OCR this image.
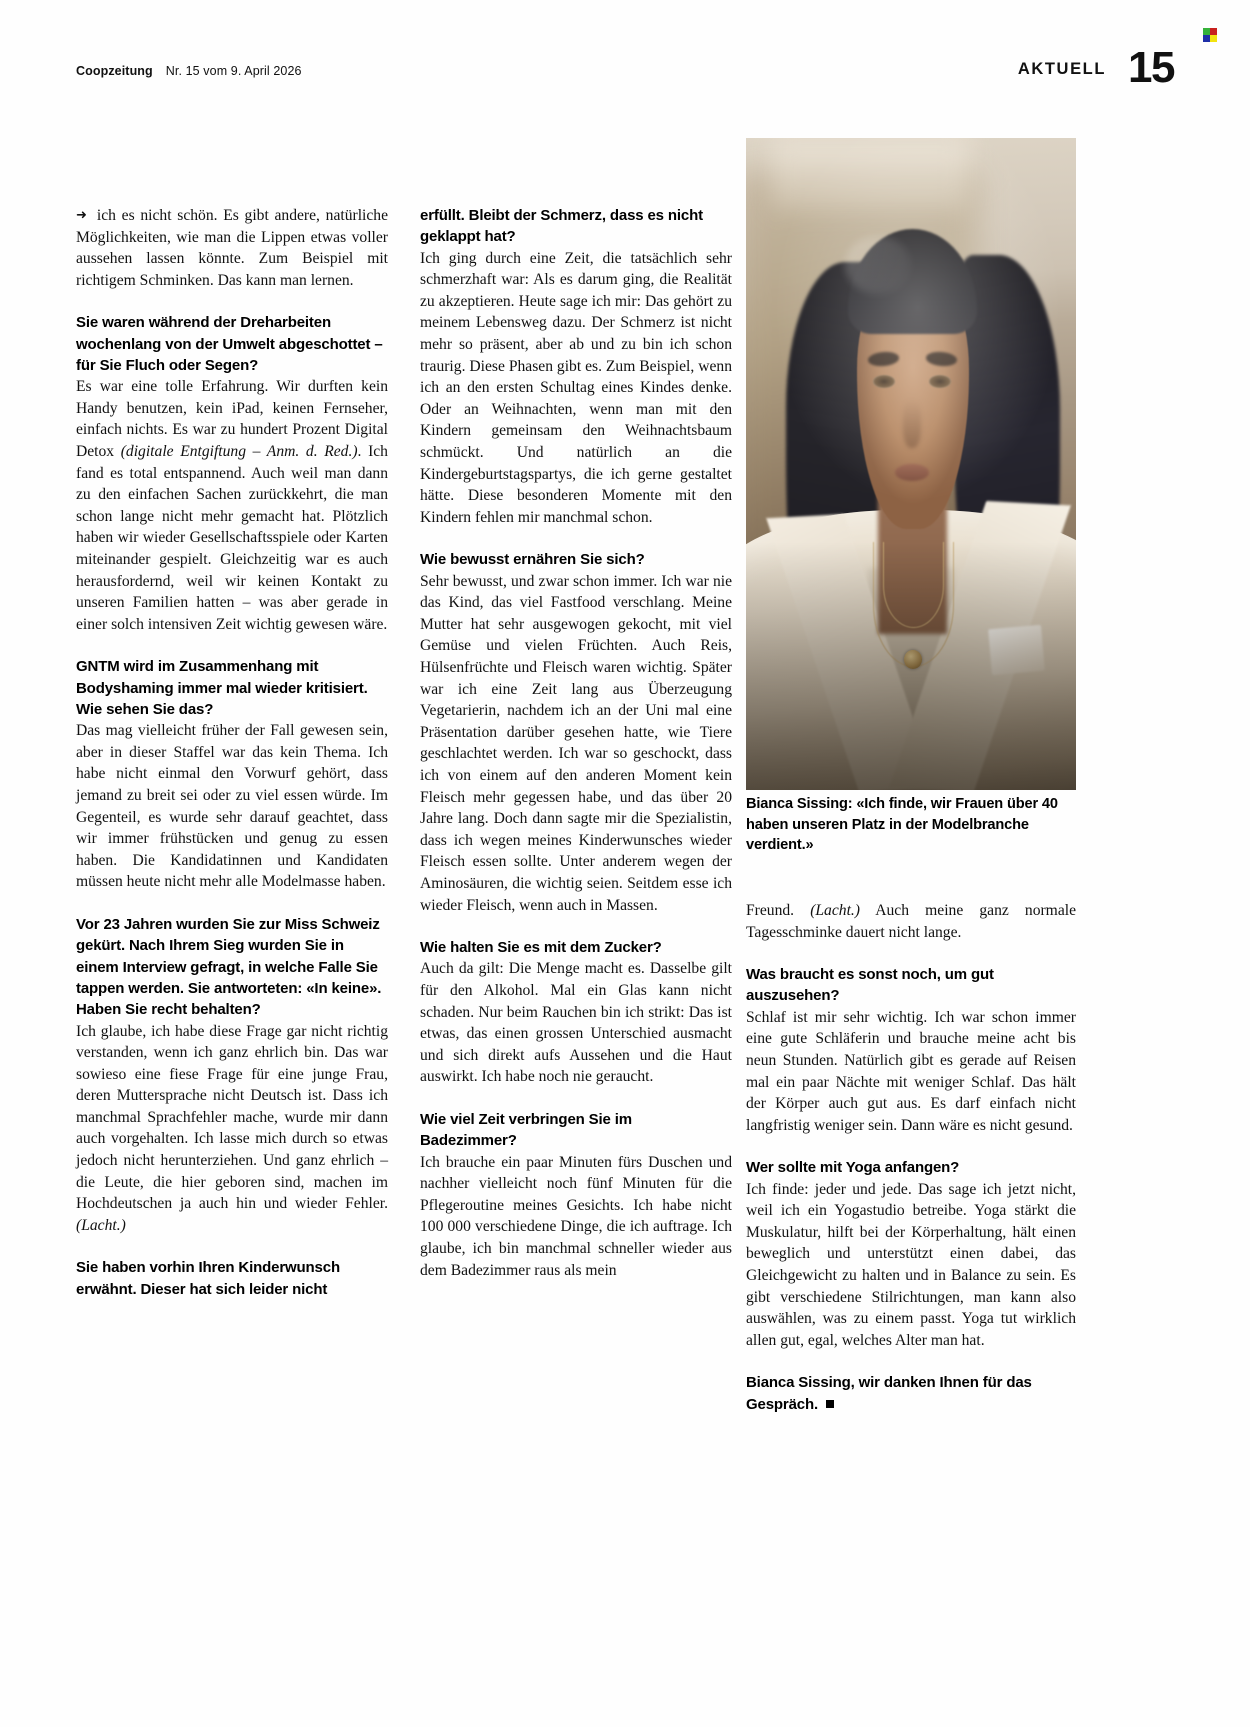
Coopzeitung Nr. 15 vom 9. April 2026	AKTUELL 15
Bianca Sissing: «Ich finde, wir Frauen über 40 haben unseren Platz in der Modelbranche verdient.»

➜ ich es nicht schön. Es gibt andere, natürliche Möglichkeiten, wie man die Lippen etwas voller aussehen lassen könnte. Zum Beispiel mit richtigem Schminken. Das kann man lernen.

Sie waren während der Dreharbeiten wochenlang von der Umwelt abgeschottet – für Sie Fluch oder Segen?

Es war eine tolle Erfahrung. Wir durften kein Handy benutzen, kein iPad, keinen Fernseher, einfach nichts. Es war zu hundert Prozent Digital Detox (digitale Entgiftung – Anm. d. Red.). Ich fand es total entspannend. Auch weil man dann zu den einfachen Sachen zurückkehrt, die man schon lange nicht mehr gemacht hat. Plötzlich haben wir wieder Gesellschaftsspiele oder Karten miteinander gespielt. Gleichzeitig war es auch herausfordernd, weil wir keinen Kontakt zu unseren Familien hatten – was aber gerade in einer solch intensiven Zeit wichtig gewesen wäre.

GNTM wird im Zusammenhang mit Bodyshaming immer mal wieder kritisiert. Wie sehen Sie das?

Das mag vielleicht früher der Fall gewesen sein, aber in dieser Staffel war das kein Thema. Ich habe nicht einmal den Vorwurf gehört, dass jemand zu breit sei oder zu viel essen würde. Im Gegenteil, es wurde sehr darauf geachtet, dass wir immer frühstücken und genug zu essen haben. Die Kandidatinnen und Kandidaten müssen heute nicht mehr alle Modelmasse haben.

Vor 23 Jahren wurden Sie zur Miss Schweiz gekürt. Nach Ihrem Sieg wurden Sie in einem Interview gefragt, in welche Falle Sie tappen werden. Sie antworteten: «In keine». Haben Sie recht behalten?

Ich glaube, ich habe diese Frage gar nicht richtig verstanden, wenn ich ganz ehrlich bin. Das war sowieso eine fiese Frage für eine junge Frau, deren Muttersprache nicht Deutsch ist. Dass ich manchmal Sprachfehler mache, wurde mir dann auch vorgehalten. Ich lasse mich durch so etwas jedoch nicht herunterziehen. Und ganz ehrlich – die Leute, die hier geboren sind, machen im Hochdeutschen ja auch hin und wieder Fehler. (Lacht.)

Sie haben vorhin Ihren Kinderwunsch erwähnt. Dieser hat sich leider nicht

erfüllt. Bleibt der Schmerz, dass es nicht geklappt hat?

Ich ging durch eine Zeit, die tatsächlich sehr schmerzhaft war: Als es darum ging, die Realität zu akzeptieren. Heute sage ich mir: Das gehört zu meinem Lebensweg dazu. Der Schmerz ist nicht mehr so präsent, aber ab und zu bin ich schon traurig. Diese Phasen gibt es. Zum Beispiel, wenn ich an den ersten Schultag eines Kindes denke. Oder an Weihnachten, wenn man mit den Kindern gemeinsam den Weihnachtsbaum schmückt. Und natürlich an die Kindergeburtstagspartys, die ich gerne gestaltet hätte. Diese besonderen Momente mit den Kindern fehlen mir manchmal schon.

Wie bewusst ernähren Sie sich?

Sehr bewusst, und zwar schon immer. Ich war nie das Kind, das viel Fastfood verschlang. Meine Mutter hat sehr ausgewogen gekocht, mit viel Gemüse und vielen Früchten. Auch Reis, Hülsenfrüchte und Fleisch waren wichtig. Später war ich eine Zeit lang aus Überzeugung Vegetarierin, nachdem ich an der Uni mal eine Präsentation darüber gesehen hatte, wie Tiere geschlachtet werden. Ich war so geschockt, dass ich von einem auf den anderen Moment kein Fleisch mehr gegessen habe, und das über 20 Jahre lang. Doch dann sagte mir die Spezialistin, dass ich wegen meines Kinderwunsches wieder Fleisch essen sollte. Unter anderem wegen der Aminosäuren, die wichtig seien. Seitdem esse ich wieder Fleisch, wenn auch in Massen.

Wie halten Sie es mit dem Zucker?

Auch da gilt: Die Menge macht es. Dasselbe gilt für den Alkohol. Mal ein Glas kann nicht schaden. Nur beim Rauchen bin ich strikt: Das ist etwas, das einen grossen Unterschied ausmacht und sich direkt aufs Aussehen und die Haut auswirkt. Ich habe noch nie geraucht.

Wie viel Zeit verbringen Sie im Badezimmer?

Ich brauche ein paar Minuten fürs Duschen und nachher vielleicht noch fünf Minuten für die Pflegeroutine meines Gesichts. Ich habe nicht 100 000 verschiedene Dinge, die ich auftrage. Ich glaube, ich bin manchmal schneller wieder aus dem Badezimmer raus als mein

Freund. (Lacht.) Auch meine ganz normale Tagesschminke dauert nicht lange.

Was braucht es sonst noch, um gut auszusehen?

Schlaf ist mir sehr wichtig. Ich war schon immer eine gute Schläferin und brauche meine acht bis neun Stunden. Natürlich gibt es gerade auf Reisen mal ein paar Nächte mit weniger Schlaf. Das hält der Körper auch gut aus. Es darf einfach nicht langfristig weniger sein. Dann wäre es nicht gesund.

Wer sollte mit Yoga anfangen?

Ich finde: jeder und jede. Das sage ich jetzt nicht, weil ich ein Yogastudio betreibe. Yoga stärkt die Muskulatur, hilft bei der Körperhaltung, hält einen beweglich und unterstützt einen dabei, das Gleichgewicht zu halten und in Balance zu sein. Es gibt verschiedene Stilrichtungen, man kann also auswählen, was zu einem passt. Yoga tut wirklich allen gut, egal, welches Alter man hat.

Bianca Sissing, wir danken Ihnen für das Gespräch.
